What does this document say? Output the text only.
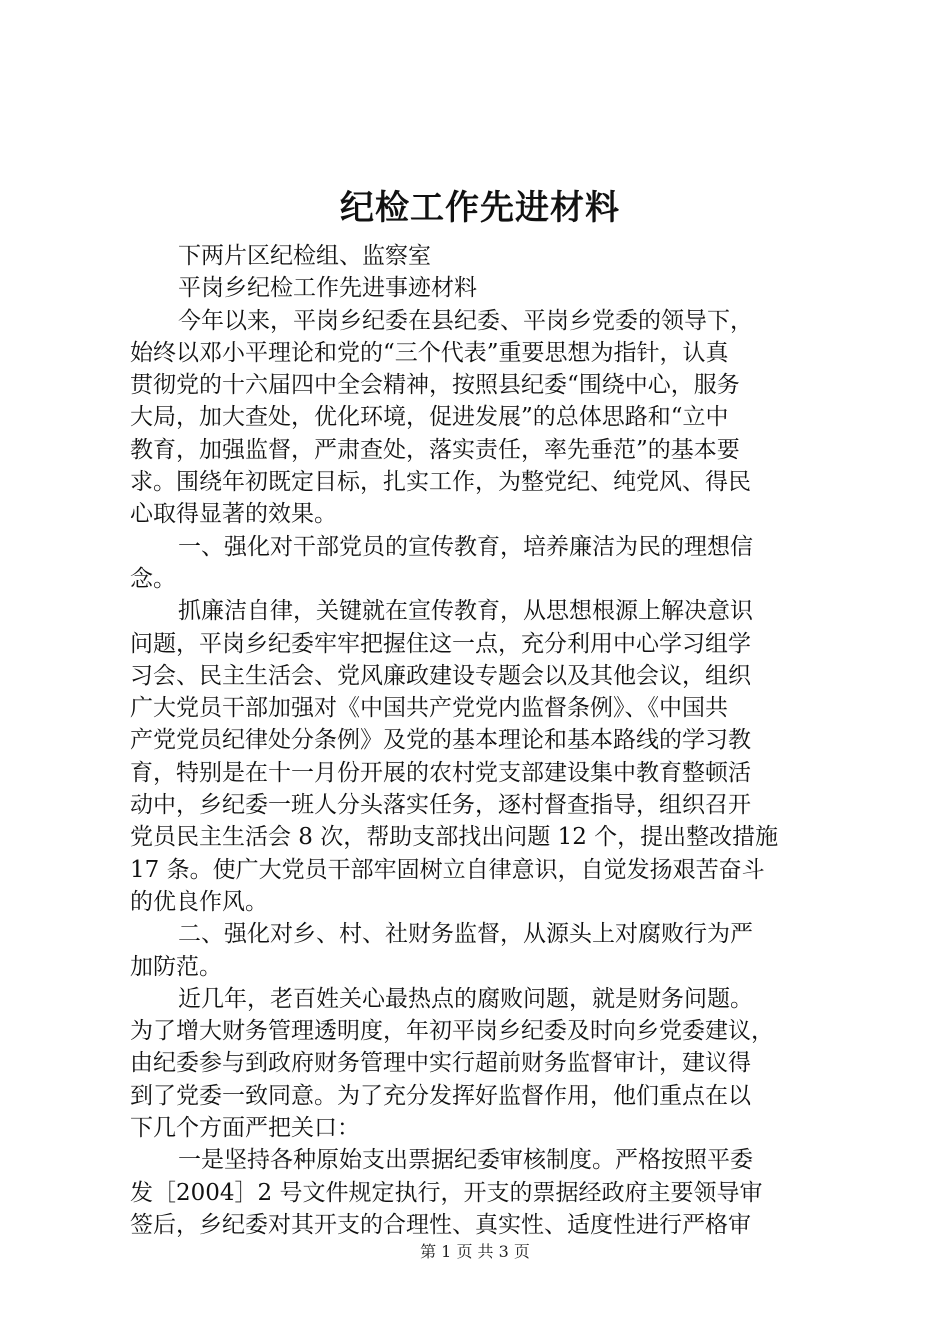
纪检工作先进材料
下两片区纪检组、监察室
平岗乡纪检工作先进事迹材料
今年以来，平岗乡纪委在县纪委、平岗乡党委的领导下，
始终以邓小平理论和党的“三个代表”重要思想为指针，认真
贯彻党的十六届四中全会精神，按照县纪委“围绕中心，服务
大局，加大查处，优化环境，促进发展”的总体思路和“立中
教育，加强监督，严肃查处，落实责任，率先垂范”的基本要
求。围绕年初既定目标，扎实工作，为整党纪、纯党风、得民
心取得显著的效果。
一、强化对干部党员的宣传教育，培养廉洁为民的理想信
念。
抓廉洁自律，关键就在宣传教育，从思想根源上解决意识
问题，平岗乡纪委牢牢把握住这一点，充分利用中心学习组学
习会、民主生活会、党风廉政建设专题会以及其他会议，组织
广大党员干部加强对《中国共产党党内监督条例》、《中国共
产党党员纪律处分条例》及党的基本理论和基本路线的学习教
育，特别是在十一月份开展的农村党支部建设集中教育整顿活
动中，乡纪委一班人分头落实任务，逐村督查指导，组织召开
党员民主生活会 8 次，帮助支部找出问题 12 个，提出整改措施
17 条。使广大党员干部牢固树立自律意识，自觉发扬艰苦奋斗
的优良作风。
二、强化对乡、村、社财务监督，从源头上对腐败行为严
加防范。
近几年，老百姓关心最热点的腐败问题，就是财务问题。
为了增大财务管理透明度，年初平岗乡纪委及时向乡党委建议，
由纪委参与到政府财务管理中实行超前财务监督审计，建议得
到了党委一致同意。为了充分发挥好监督作用，他们重点在以
下几个方面严把关口：
一是坚持各种原始支出票据纪委审核制度。严格按照平委
发［2004］2 号文件规定执行，开支的票据经政府主要领导审
签后，乡纪委对其开支的合理性、真实性、适度性进行严格审
第 1 页 共 3 页
